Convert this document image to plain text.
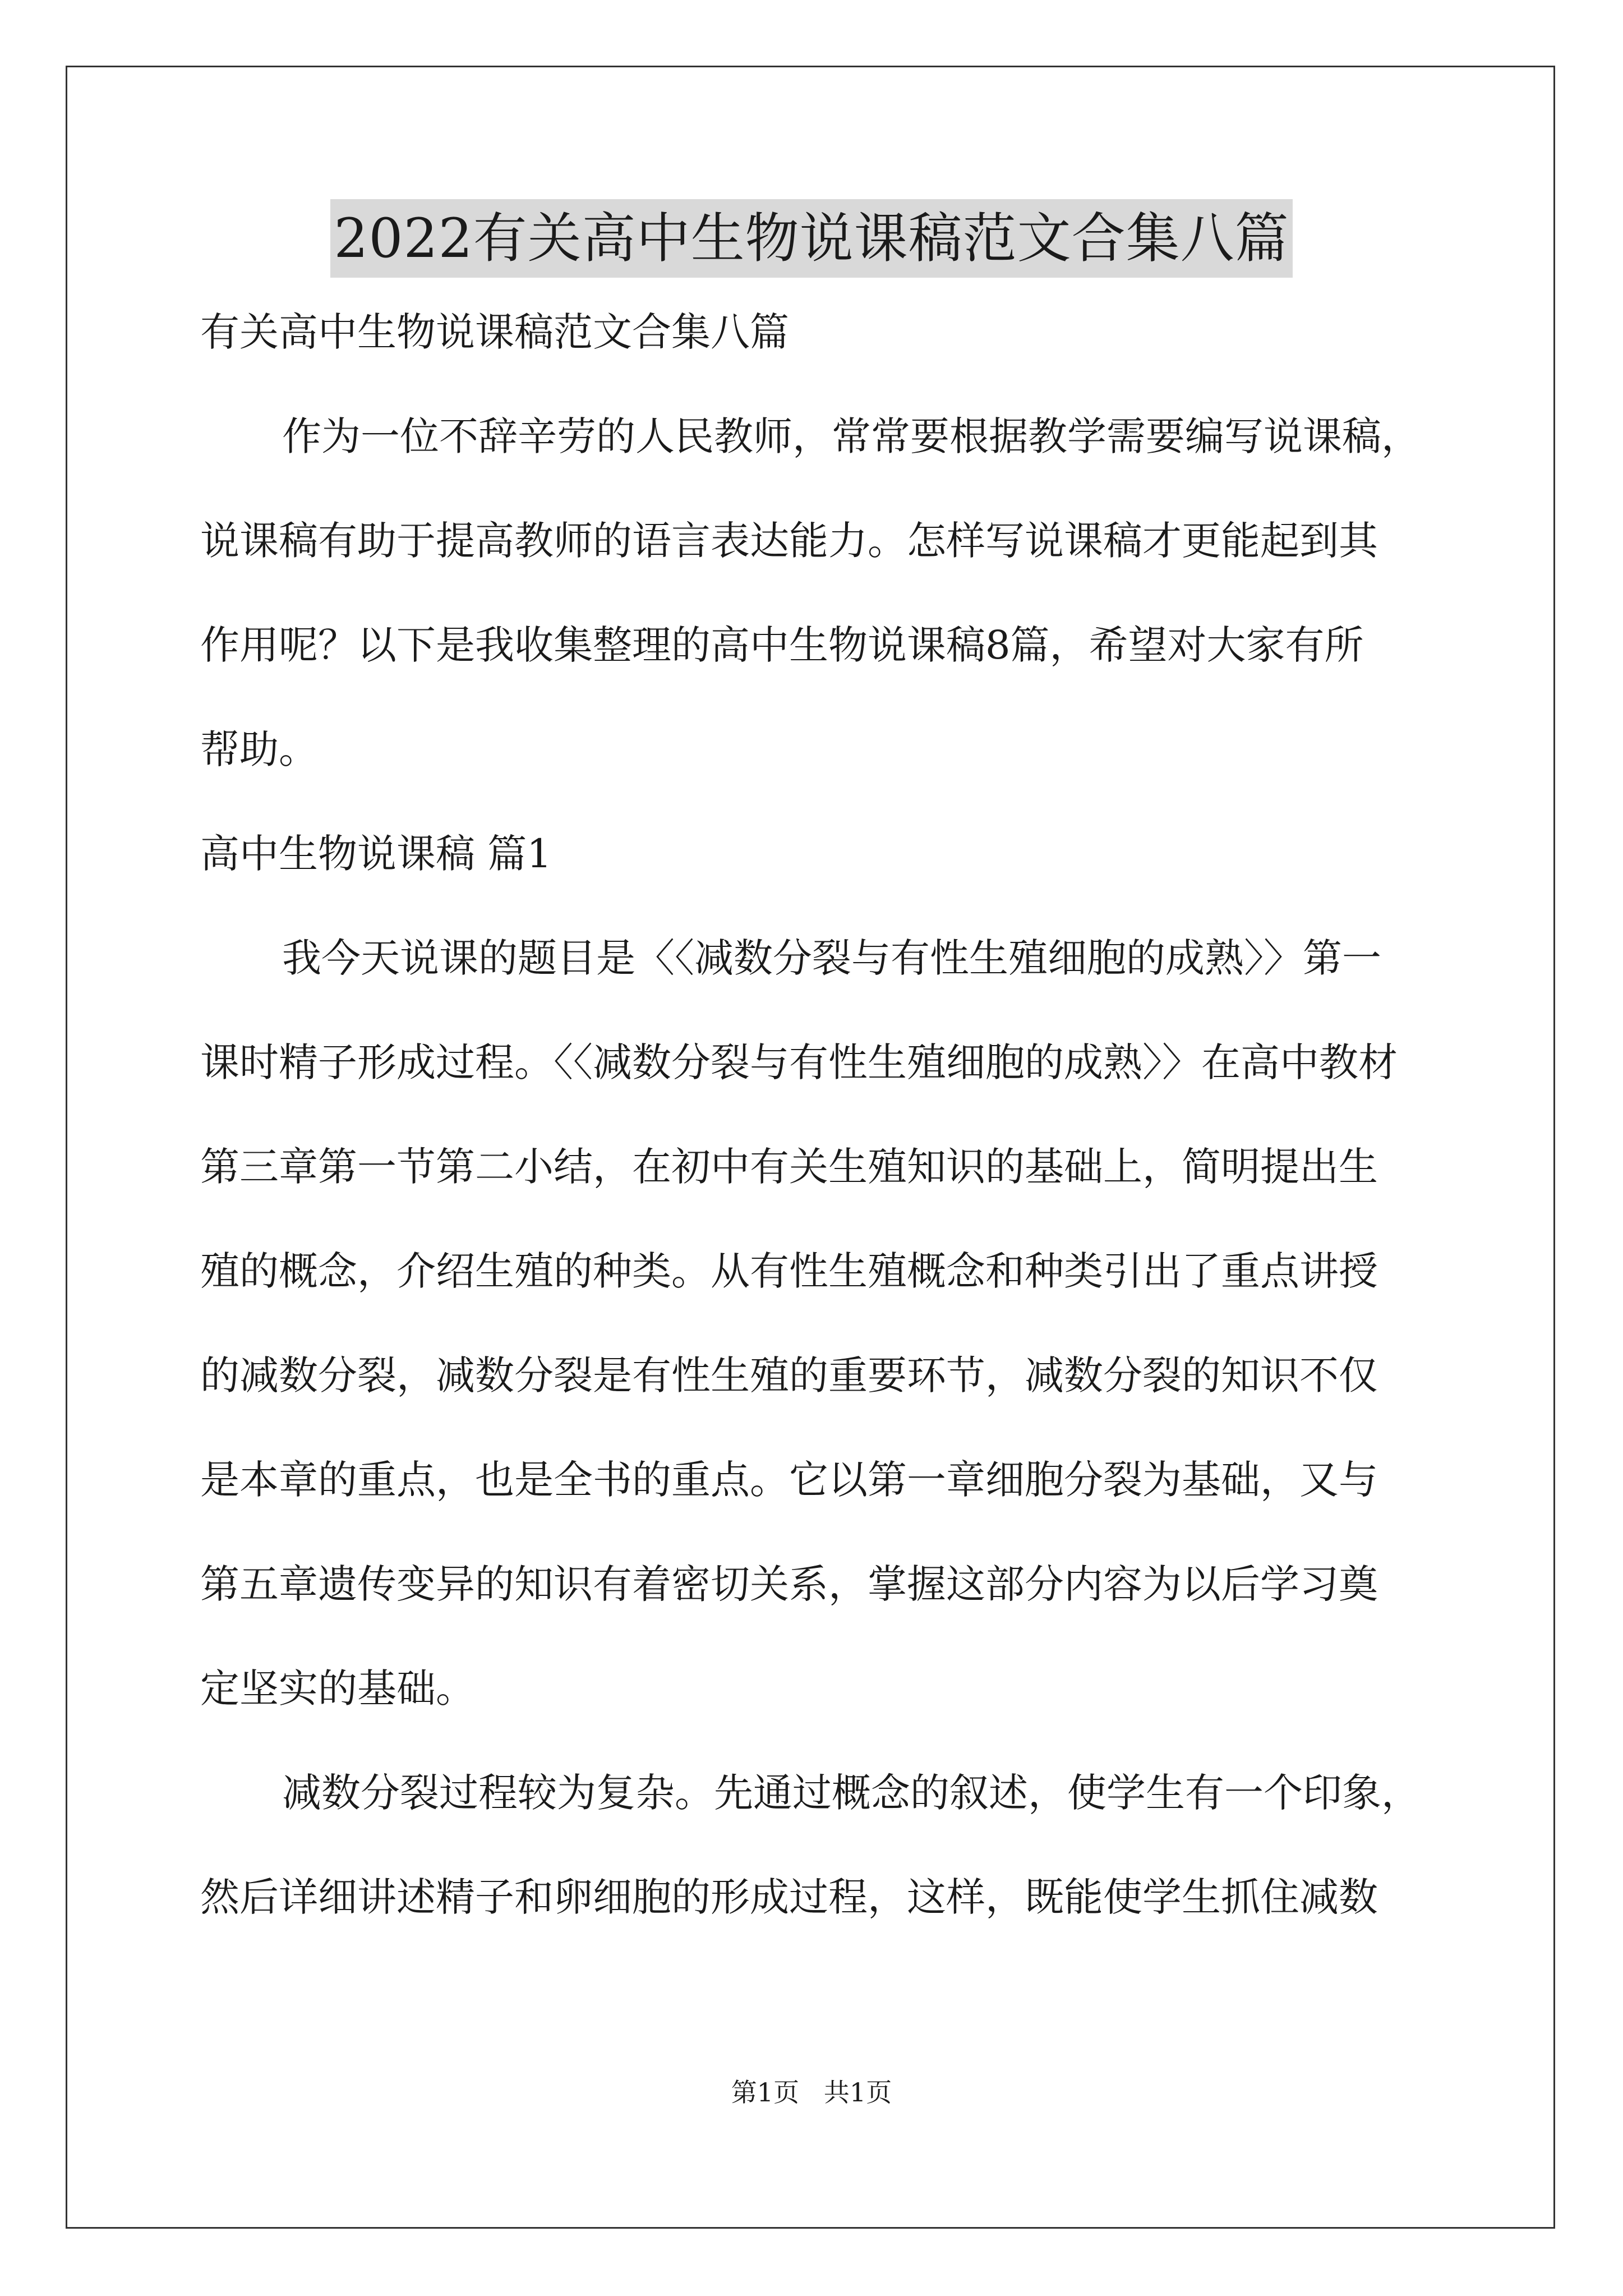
2022有关高中生物说课稿范文合集八篇
有关高中生物说课稿范文合集八篇
作为一位不辞辛劳的人民教师，常常要根据教学需要编写说课稿，
说课稿有助于提高教师的语言表达能力。怎样写说课稿才更能起到其
作用呢？以下是我收集整理的高中生物说课稿8篇，希望对大家有所
帮助。
高中生物说课稿 篇1
我今天说课的题目是〈〈减数分裂与有性生殖细胞的成熟〉〉第一
课时精子形成过程。〈〈减数分裂与有性生殖细胞的成熟〉〉在高中教材
第三章第一节第二小结，在初中有关生殖知识的基础上，简明提出生
殖的概念，介绍生殖的种类。从有性生殖概念和种类引出了重点讲授
的减数分裂，减数分裂是有性生殖的重要环节，减数分裂的知识不仅
是本章的重点，也是全书的重点。它以第一章细胞分裂为基础，又与
第五章遗传变异的知识有着密切关系，掌握这部分内容为以后学习奠
定坚实的基础。
减数分裂过程较为复杂。先通过概念的叙述，使学生有一个印象，
然后详细讲述精子和卵细胞的形成过程，这样，既能使学生抓住减数
第1页   共1页
